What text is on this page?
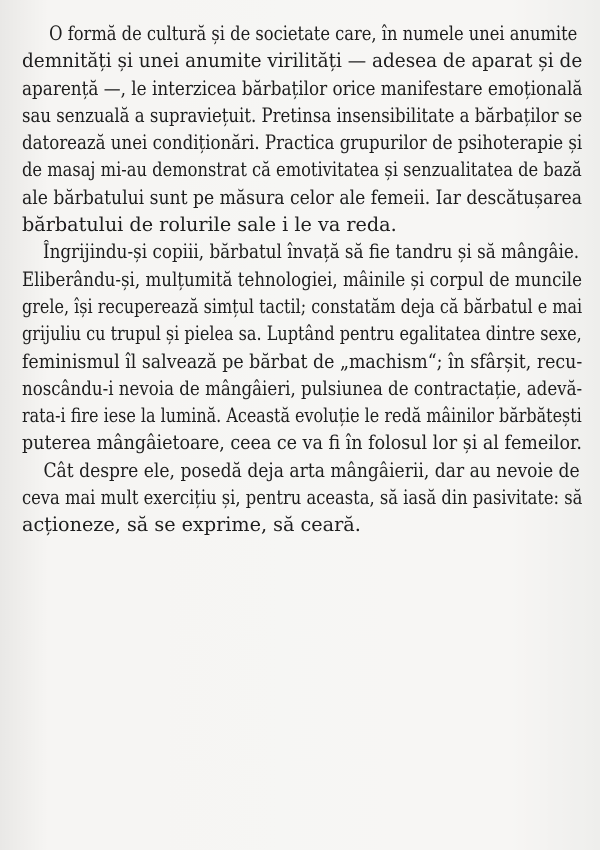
O formă de cultură și de societate care, în numele unei anumite
demnități și unei anumite virilități — adesea de aparat și de
aparență —, le interzicea bărbaților orice manifestare emoțională
sau senzuală a supraviețuit. Pretinsa insensibilitate a bărbaților se
datorează unei condiționări. Practica grupurilor de psihoterapie și
de masaj mi-au demonstrat că emotivitatea și senzualitatea de bază
ale bărbatului sunt pe măsura celor ale femeii. Iar descătușarea
bărbatului de rolurile sale i le va reda.

Îngrijindu-și copiii, bărbatul învață să fie tandru și să mângâie.
Eliberându-și, mulțumită tehnologiei, mâinile și corpul de muncile
grele, își recuperează simțul tactil; constatăm deja că bărbatul e mai
grijuliu cu trupul și pielea sa. Luptând pentru egalitatea dintre sexe,
feminismul îl salvează pe bărbat de „machism“; în sfârșit, recu-
noscându-i nevoia de mângâieri, pulsiunea de contractație, adevă-
rata-i fire iese la lumină. Această evoluție le redă mâinilor bărbătești
puterea mângâietoare, ceea ce va fi în folosul lor și al femeilor.

Cât despre ele, posedă deja arta mângâierii, dar au nevoie de
ceva mai mult exercițiu și, pentru aceasta, să iasă din pasivitate: să
acționeze, să se exprime, să ceară.
